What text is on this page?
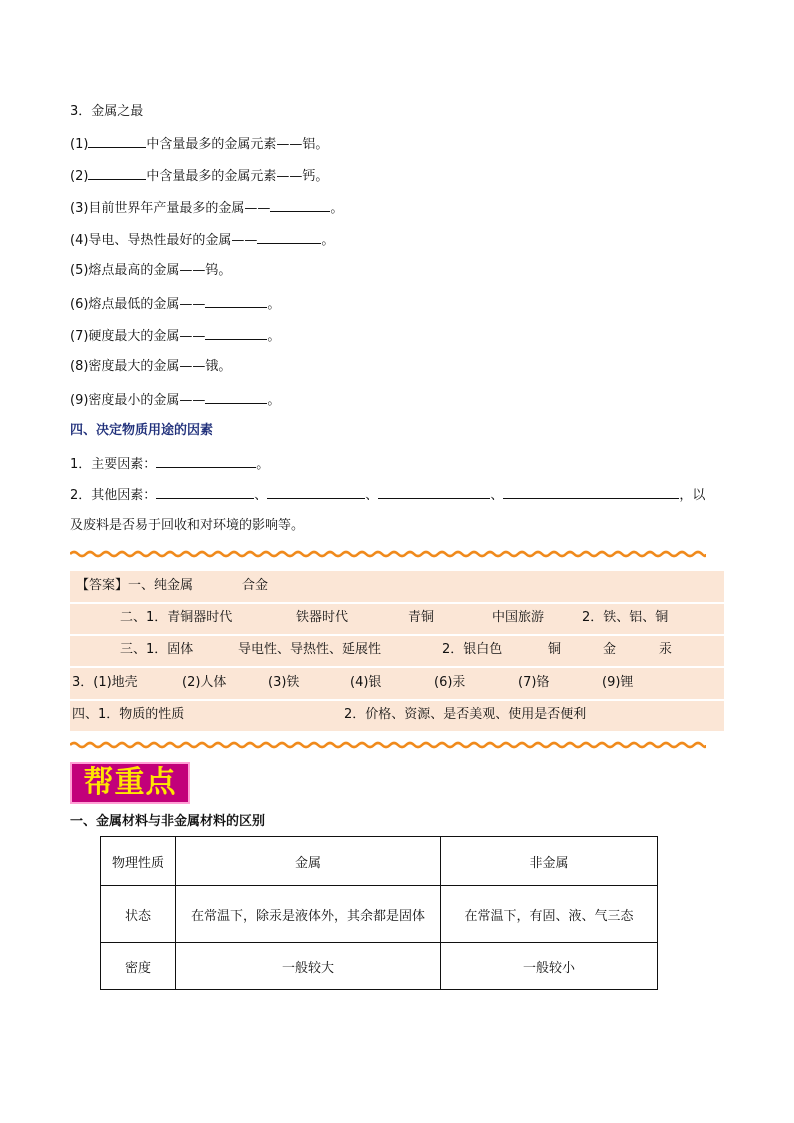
3．金属之最
(1)	中含量最多的金属元素——铝。
(2)	中含量最多的金属元素——钙。
(3)目前世界年产量最多的金属——	。
(4)导电、导热性最好的金属——	。
(5)熔点最高的金属——钨。
(6)熔点最低的金属——	。
(7)硬度最大的金属——	。
(8)密度最大的金属——锇。
(9)密度最小的金属——	。
四、决定物质用途的因素
1．主要因素：	。
2．其他因素：	、	、	、	，以
及废料是否易于回收和对环境的影响等。
【答案】一、纯金属	合金
二、1．青铜器时代	铁器时代	青铜	中国旅游	2．铁、铝、铜
三、1．固体	导电性、导热性、延展性	2．银白色	铜	金	汞
3．(1)地壳	(2)人体	(3)铁	(4)银	(6)汞	(7)铬	(9)锂
四、1．物质的性质	2．价格、资源、是否美观、使用是否便利
帮重点
一、金属材料与非金属材料的区别
物理性质	金属	非金属
状态	在常温下，除汞是液体外，其余都是固体	在常温下，有固、液、气三态
密度	一般较大	一般较小
